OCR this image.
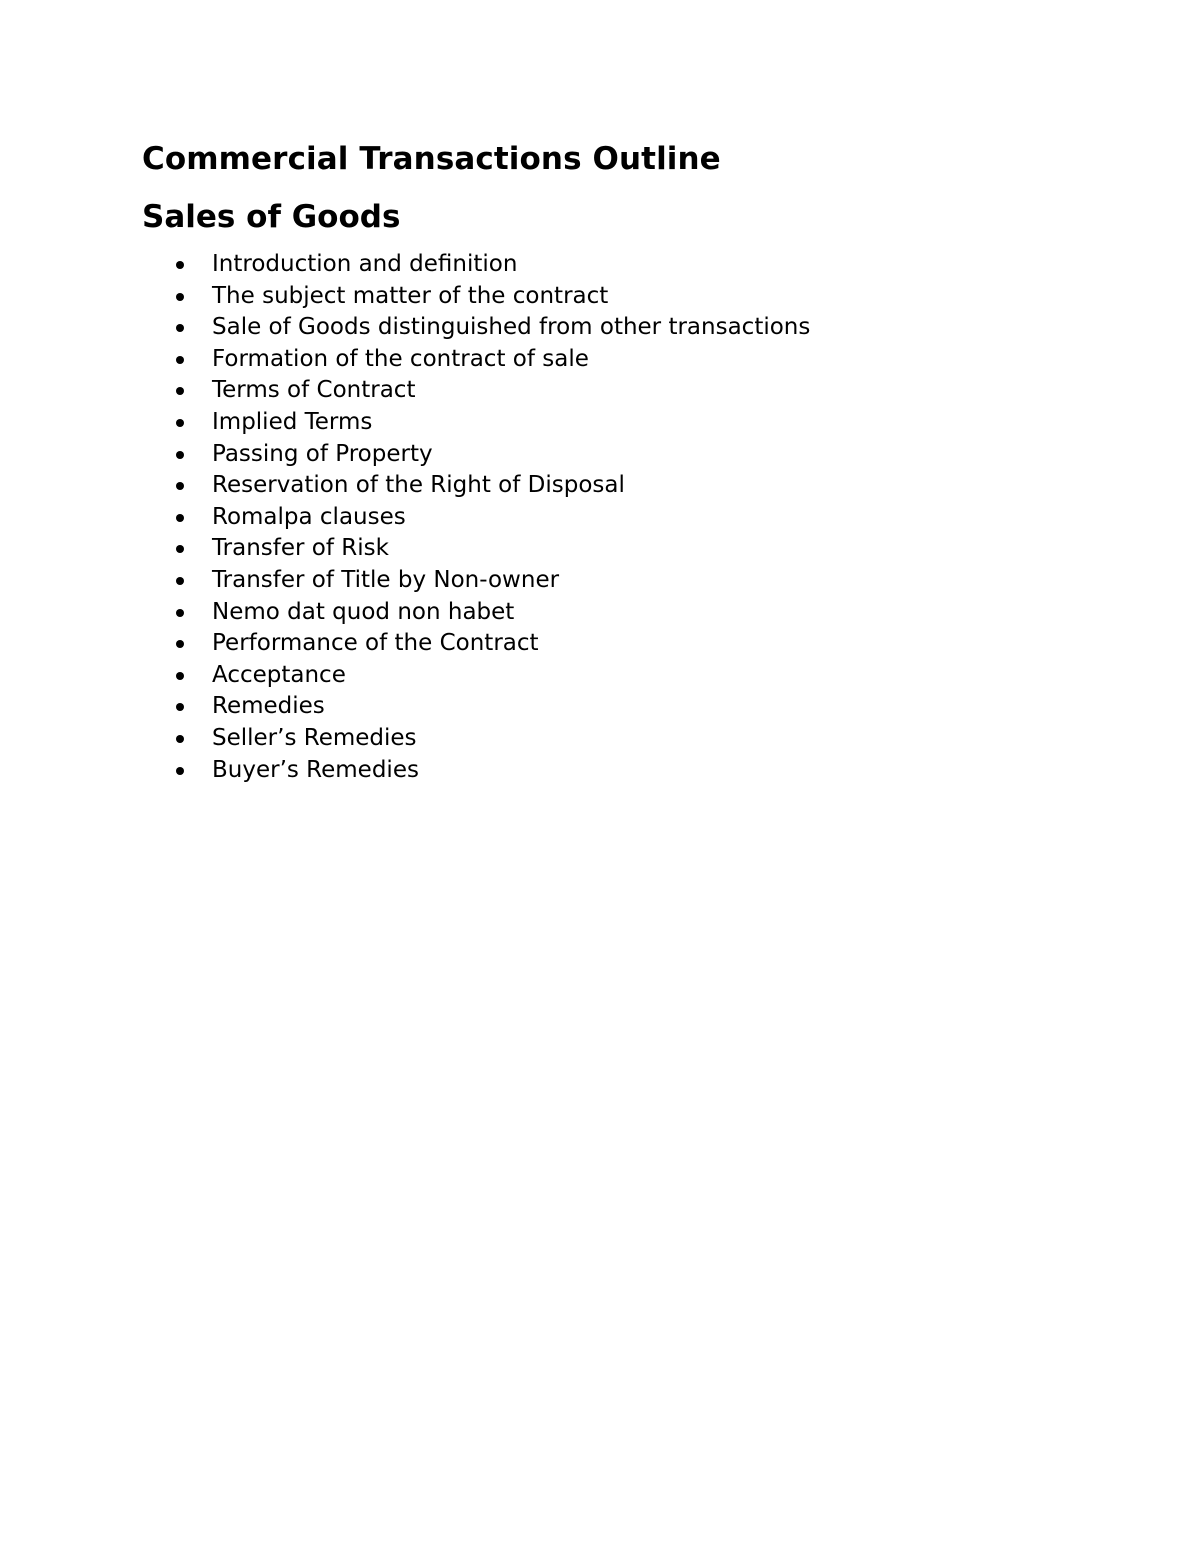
Commercial Transactions Outline
Sales of Goods
Introduction and definition
The subject matter of the contract
Sale of Goods distinguished from other transactions
Formation of the contract of sale
Terms of Contract
Implied Terms
Passing of Property
Reservation of the Right of Disposal
Romalpa clauses
Transfer of Risk
Transfer of Title by Non-owner
Nemo dat quod non habet
Performance of the Contract
Acceptance
Remedies
Seller’s Remedies
Buyer’s Remedies
